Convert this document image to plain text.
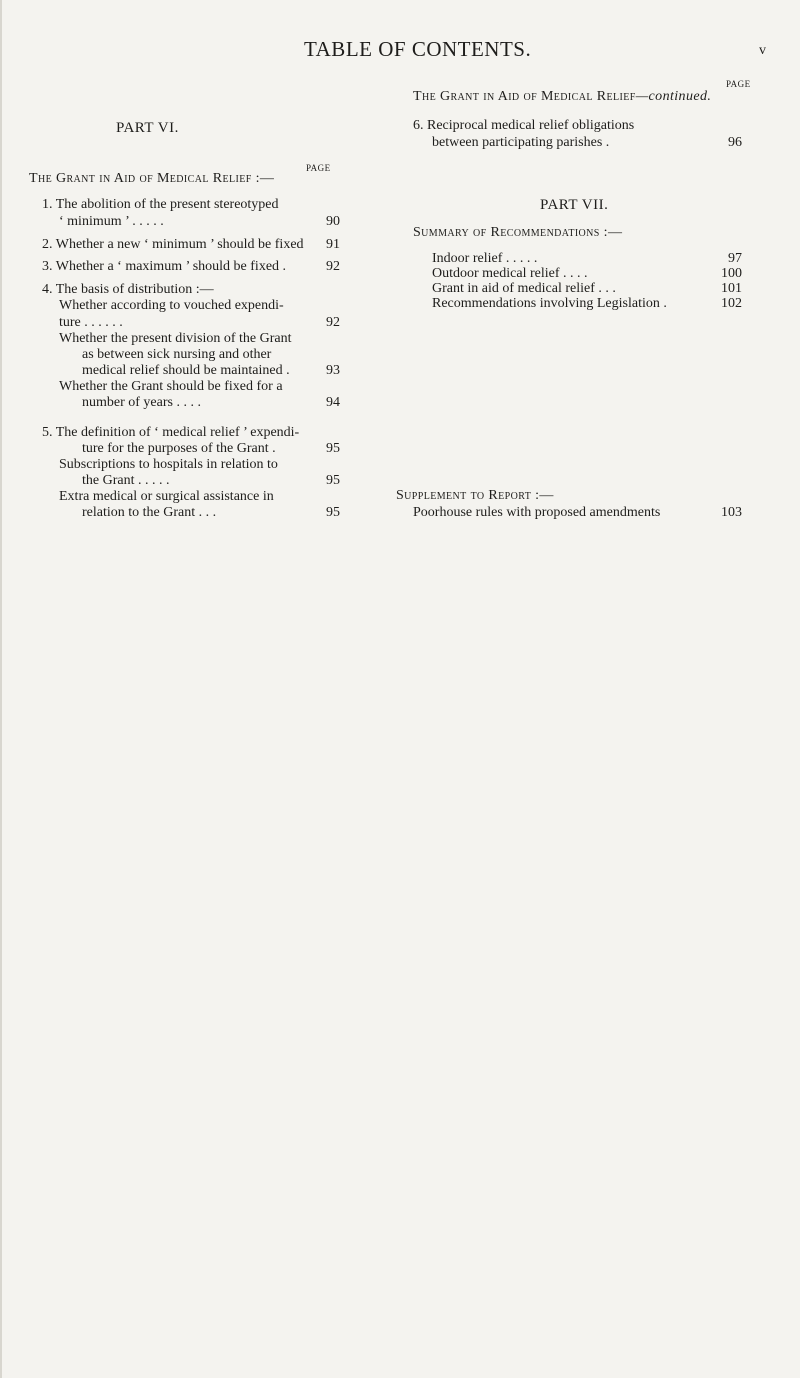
TABLE OF CONTENTS.	v
PAGE
The Grant in Aid of Medical Relief—continued.
PART VI.
PAGE
The Grant in Aid of Medical Relief :—
1. The abolition of the present stereotyped
‘ minimum ’ . . . . .	90
2. Whether a new ‘ minimum ’ should be fixed	91
3. Whether a ‘ maximum ’ should be fixed .	92
4. The basis of distribution :—
Whether according to vouched expendi-
ture . . . . . .	92
Whether the present division of the Grant
as between sick nursing and other
medical relief should be maintained .	93
Whether the Grant should be fixed for a
number of years . . . .	94
5. The definition of ‘ medical relief ’ expendi-
ture for the purposes of the Grant .	95
Subscriptions to hospitals in relation to
the Grant . . . . .	95
Extra medical or surgical assistance in
relation to the Grant . . .	95
6. Reciprocal medical relief obligations
between participating parishes .	96
PART VII.
Summary of Recommendations :—
Indoor relief . . . . .	97
Outdoor medical relief . . . .	100
Grant in aid of medical relief . . .	101
Recommendations involving Legislation .	102
Supplement to Report :—
Poorhouse rules with proposed amendments	103
